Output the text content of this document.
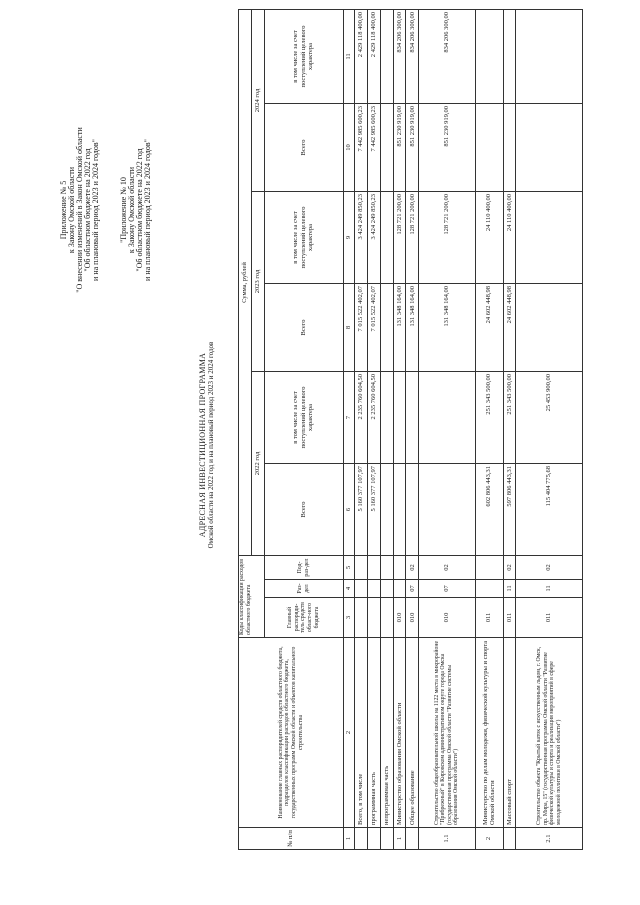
Приложение № 5 к Закону Омской области "О внесении изменений в Закон Омской области "Об областном бюджете на 2022 год и на плановый период 2023 и 2024 годов" "Приложение № 10 к Закону Омской области "Об областном бюджете на 2022 год и на плановый период 2023 и 2024 годов"
АДРЕСНАЯ ИНВЕСТИЦИОННАЯ ПРОГРАММА Омской области на 2022 год и на плановый период 2023 и 2024 годов
№ п/п	Наименование главных распорядителей средств областного бюджета, подразделов классификации расходов областного бюджета, государственных программ Омской области и объектов капитального строительства	Коды классификации расходов областного бюджета			Сумма, рублей					
					2022 год		2023 год		2024 год	
		Главный распоряди-тель средств област-ного бюджета	Раз-дел	Под-раз-дел	Всего	в том числе за счет поступлений целевого характера	Всего	в том числе за счет поступлений целевого характера	Всего	в том числе за счет поступлений целевого характера
1	2	3	4	5	6	7	8	9	10	11
	Всего, в том числе				5 160 377 107,97	2 235 760 604,50	7 015 522 402,07	3 424 249 850,23	7 442 985 600,23	2 429 118 400,00
	программная часть				5 160 377 107,97	2 235 760 604,50	7 015 522 402,07	3 424 249 850,23	7 442 985 600,23	2 429 118 400,00
	непрограммная часть									
1	Министерство образования Омской области	010					131 348 164,00	128 721 200,00	851 230 919,00	834 206 300,00
	Общее образование	010	07	02			131 348 164,00	128 721 200,00	851 230 919,00	834 206 300,00
1.1	Строительство общеобразовательной школы на 1122 места в микрорайоне "Прибрежный" в Кировском административном округе города Омска (государственная программа Омской области "Развитие системы образования Омской области")	010	07	02			131 348 164,00	128 721 200,00	851 230 919,00	834 206 300,00
2	Министерство по делам молодежи, физической культуры и спорта Омской области	011			602 806 443,31	251 343 500,00	24 602 448,98	24 110 400,00		
	Массовый спорт	011	11	02	597 806 443,31	251 343 500,00	24 602 448,98	24 110 400,00		
2.1	Строительство объекта "Крытый каток с искусственным льдом, г. Омск, пр. Мира, 15" (государственная программа Омской области "Развитие физической культуры и спорта и реализация мероприятий в сфере молодежной политики в Омской области")	011	11	02	115 404 775,68	25 453 900,00				
